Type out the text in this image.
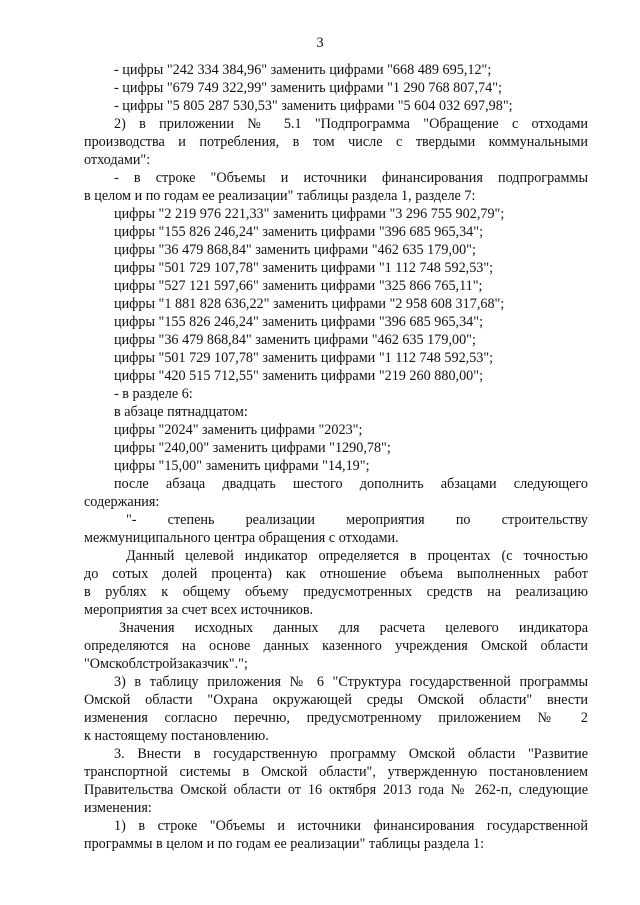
3
- цифры "242 334 384,96" заменить цифрами "668 489 695,12";
- цифры "679 749 322,99" заменить цифрами "1 290 768 807,74";
- цифры "5 805 287 530,53" заменить цифрами "5 604 032 697,98";
2) в приложении № 5.1 "Подпрограмма "Обращение с отходами
производства и потребления, в том числе с твердыми коммунальными
отходами":
- в строке "Объемы и источники финансирования подпрограммы
в целом и по годам ее реализации" таблицы раздела 1, разделе 7:
цифры "2 219 976 221,33" заменить цифрами "3 296 755 902,79";
цифры "155 826 246,24" заменить цифрами "396 685 965,34";
цифры "36 479 868,84" заменить цифрами "462 635 179,00";
цифры "501 729 107,78" заменить цифрами "1 112 748 592,53";
цифры "527 121 597,66" заменить цифрами "325 866 765,11";
цифры "1 881 828 636,22" заменить цифрами "2 958 608 317,68";
цифры "155 826 246,24" заменить цифрами "396 685 965,34";
цифры "36 479 868,84" заменить цифрами "462 635 179,00";
цифры "501 729 107,78" заменить цифрами "1 112 748 592,53";
цифры "420 515 712,55" заменить цифрами "219 260 880,00";
- в разделе 6:
в абзаце пятнадцатом:
цифры "2024" заменить цифрами "2023";
цифры "240,00" заменить цифрами "1290,78";
цифры "15,00" заменить цифрами "14,19";
после абзаца двадцать шестого дополнить абзацами следующего
содержания:
"- степень реализации мероприятия по строительству
межмуниципального центра обращения с отходами.
Данный целевой индикатор определяется в процентах (с точностью
до сотых долей процента) как отношение объема выполненных работ
в рублях к общему объему предусмотренных средств на реализацию
мероприятия за счет всех источников.
Значения исходных данных для расчета целевого индикатора
определяются на основе данных казенного учреждения Омской области
"Омскоблстройзаказчик".";
3) в таблицу приложения № 6 "Структура государственной программы
Омской области "Охрана окружающей среды Омской области" внести
изменения согласно перечню, предусмотренному приложением № 2
к настоящему постановлению.
3. Внести в государственную программу Омской области "Развитие
транспортной системы в Омской области", утвержденную постановлением
Правительства Омской области от 16 октября 2013 года № 262-п, следующие
изменения:
1) в строке "Объемы и источники финансирования государственной
программы в целом и по годам ее реализации" таблицы раздела 1:
